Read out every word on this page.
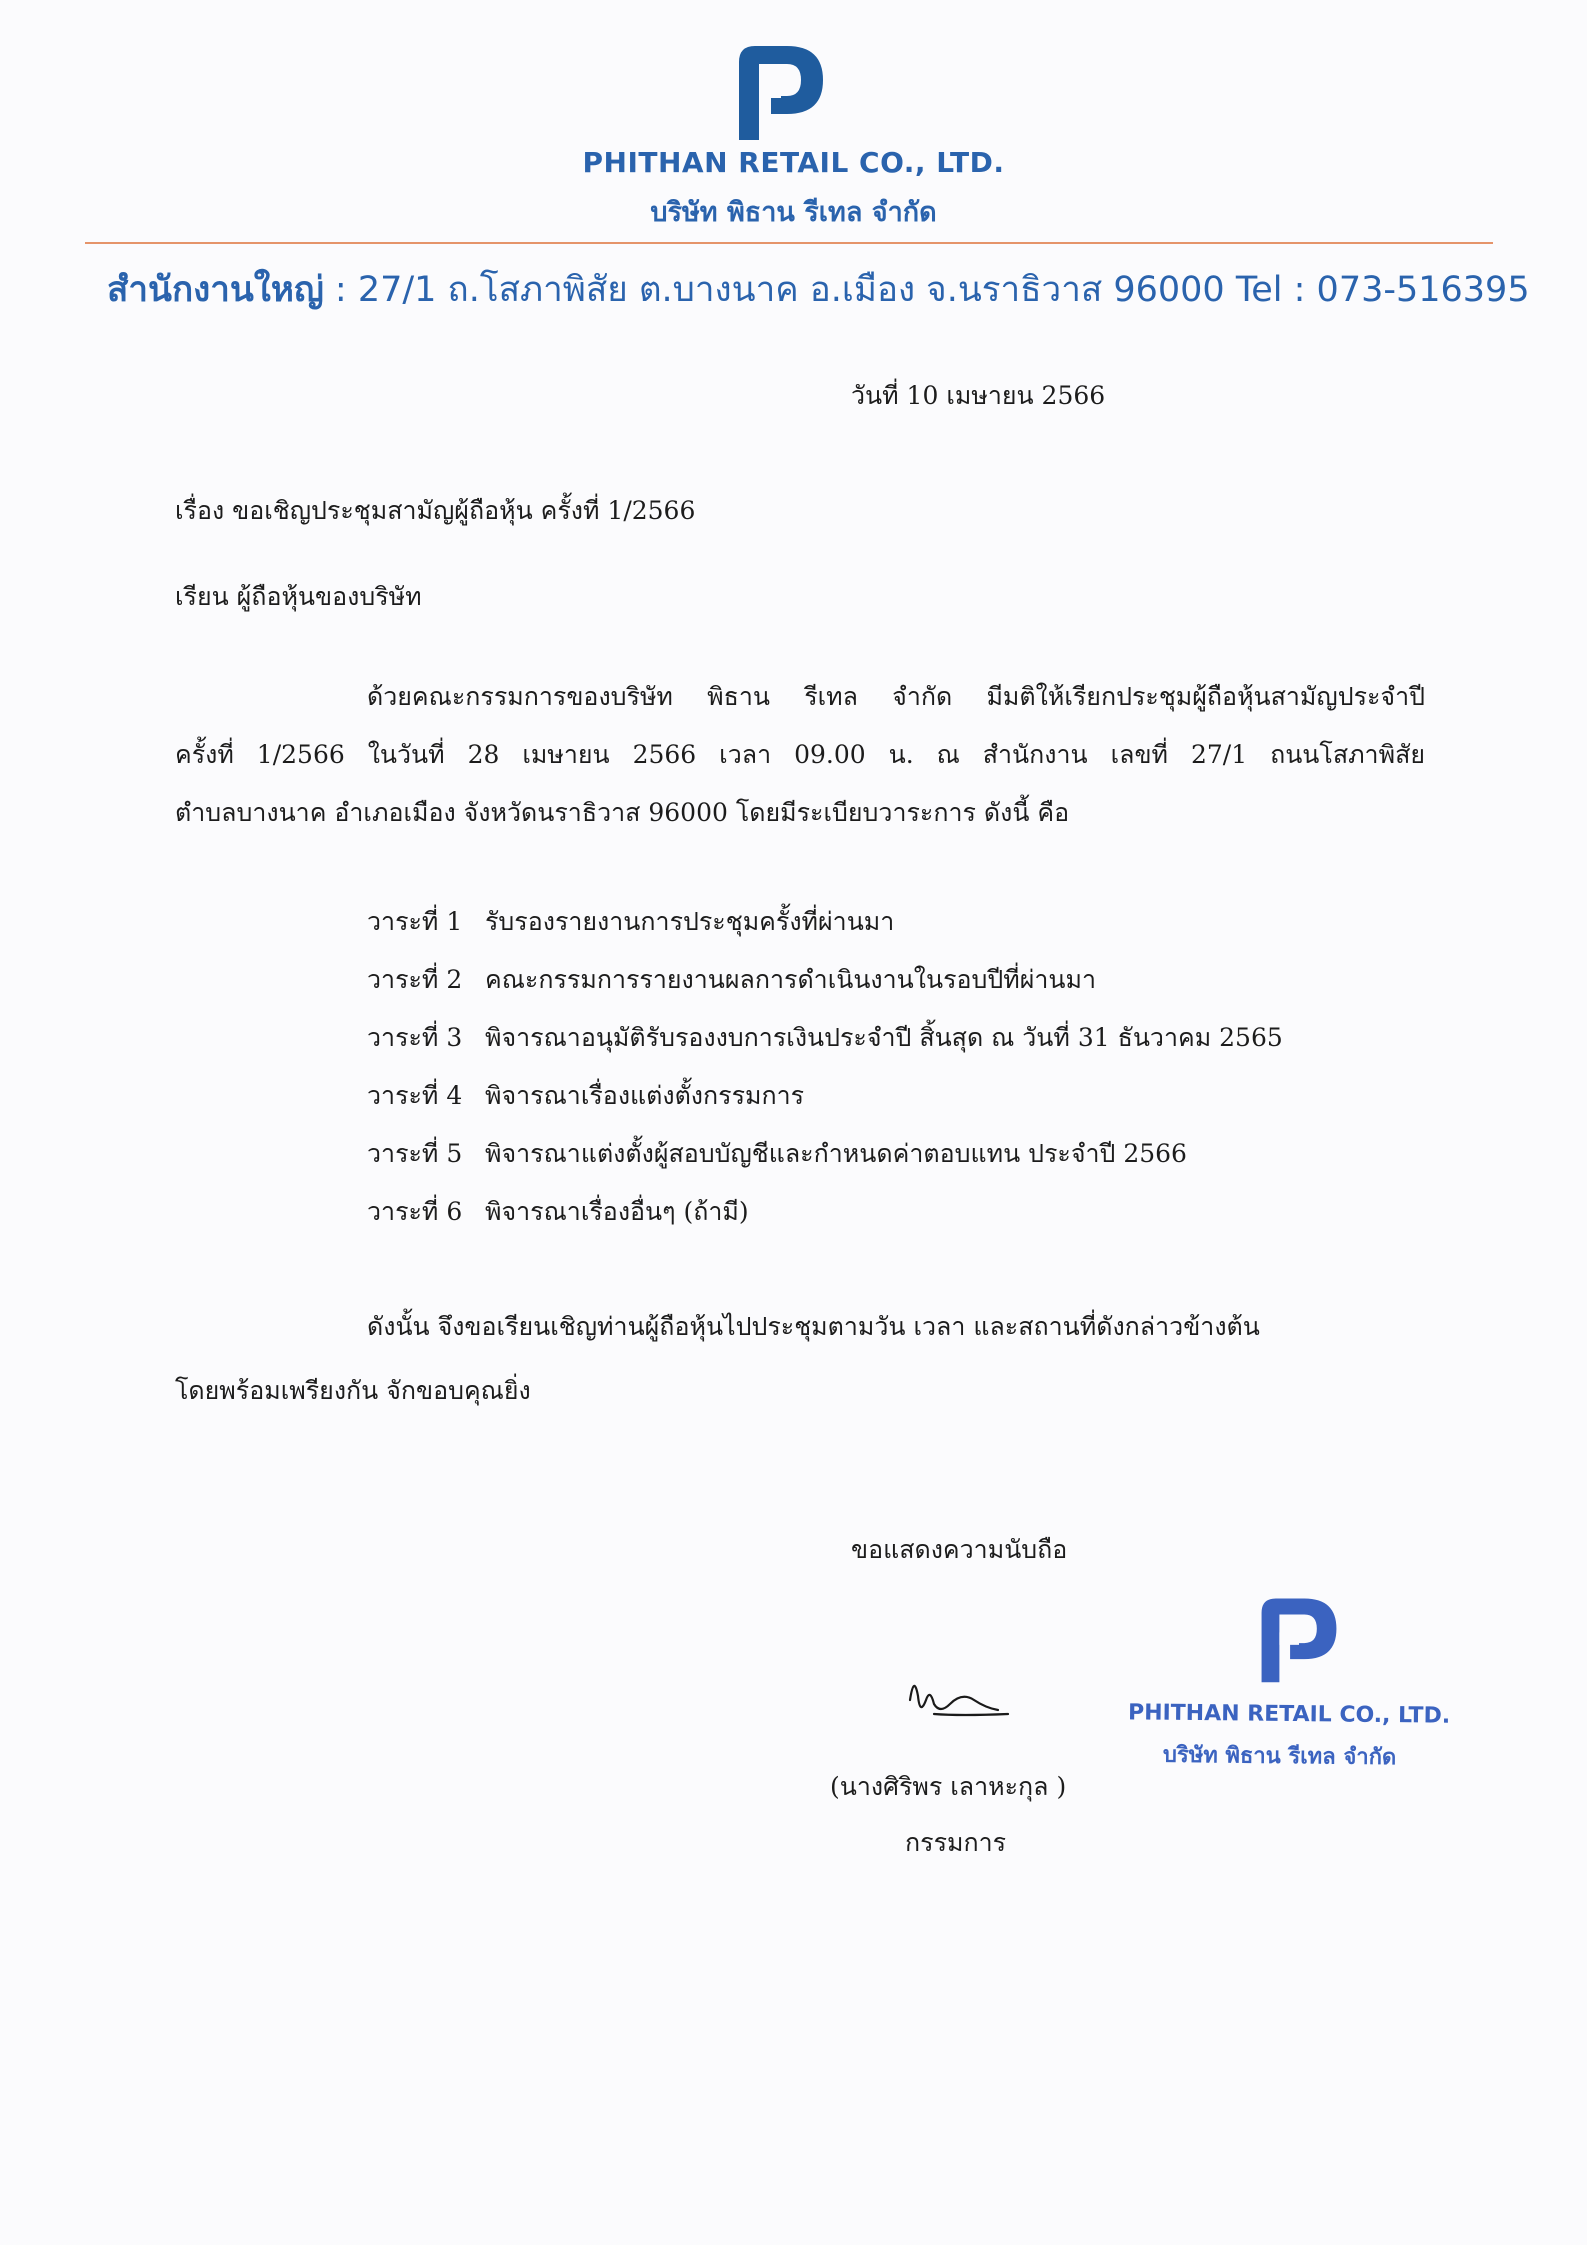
PHITHAN RETAIL CO., LTD.
บริษัท พิธาน รีเทล จำกัด
สำนักงานใหญ่ : 27/1 ถ.โสภาพิสัย ต.บางนาค อ.เมือง จ.นราธิวาส 96000 Tel : 073-516395
วันที่ 10 เมษายน 2566
เรื่อง ขอเชิญประชุมสามัญผู้ถือหุ้น ครั้งที่ 1/2566
เรียน ผู้ถือหุ้นของบริษัท
ด้วยคณะกรรมการของบริษัท พิธาน รีเทล จำกัด มีมติให้เรียกประชุมผู้ถือหุ้นสามัญประจำปี
ครั้งที่ 1/2566 ในวันที่ 28 เมษายน 2566 เวลา 09.00 น. ณ สำนักงาน เลขที่ 27/1 ถนนโสภาพิสัย
ตำบลบางนาค อำเภอเมือง จังหวัดนราธิวาส 96000 โดยมีระเบียบวาระการ ดังนี้ คือ
วาระที่ 1 รับรองรายงานการประชุมครั้งที่ผ่านมา
วาระที่ 2 คณะกรรมการรายงานผลการดำเนินงานในรอบปีที่ผ่านมา
วาระที่ 3 พิจารณาอนุมัติรับรองงบการเงินประจำปี สิ้นสุด ณ วันที่ 31 ธันวาคม 2565
วาระที่ 4 พิจารณาเรื่องแต่งตั้งกรรมการ
วาระที่ 5 พิจารณาแต่งตั้งผู้สอบบัญชีและกำหนดค่าตอบแทน ประจำปี 2566
วาระที่ 6 พิจารณาเรื่องอื่นๆ (ถ้ามี)
ดังนั้น จึงขอเรียนเชิญท่านผู้ถือหุ้นไปประชุมตามวัน เวลา และสถานที่ดังกล่าวข้างต้น
โดยพร้อมเพรียงกัน จักขอบคุณยิ่ง
ขอแสดงความนับถือ
(นางศิริพร เลาหะกุล )
กรรมการ
PHITHAN RETAIL CO., LTD.
บริษัท พิธาน รีเทล จำกัด
